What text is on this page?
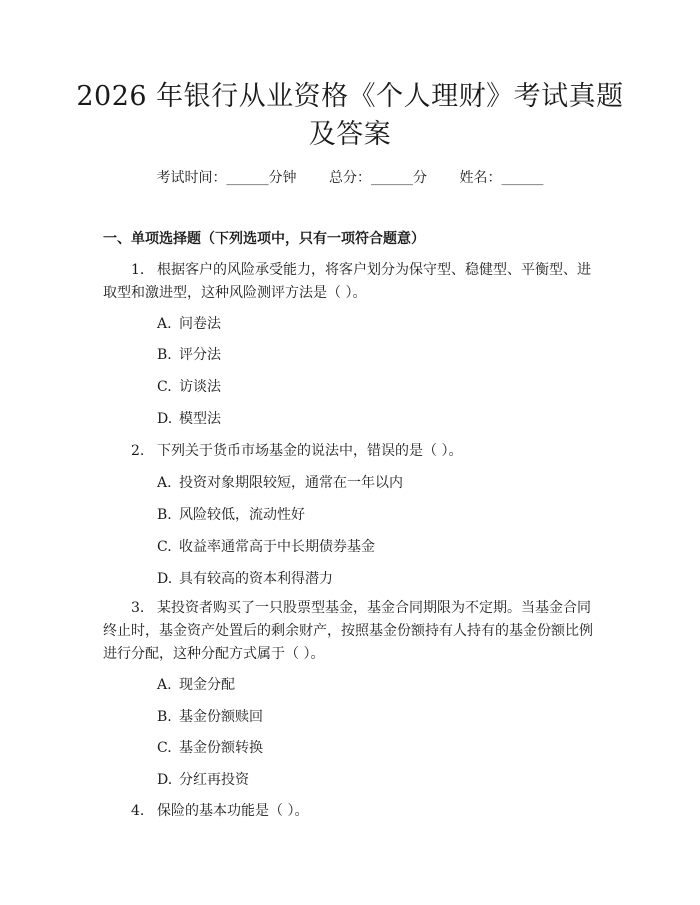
2026 年银行从业资格《个人理财》考试真题
及答案
考试时间：______分钟 总分：______分 姓名：______
一、单项选择题（下列选项中，只有一项符合题意）
1. 根据客户的风险承受能力，将客户划分为保守型、稳健型、平衡型、进取型和激进型，这种风险测评方法是（ ）。
A. 问卷法
B. 评分法
C. 访谈法
D. 模型法
2. 下列关于货币市场基金的说法中，错误的是（ ）。
A. 投资对象期限较短，通常在一年以内
B. 风险较低，流动性好
C. 收益率通常高于中长期债券基金
D. 具有较高的资本利得潜力
3. 某投资者购买了一只股票型基金，基金合同期限为不定期。当基金合同终止时，基金资产处置后的剩余财产，按照基金份额持有人持有的基金份额比例进行分配，这种分配方式属于（ ）。
A. 现金分配
B. 基金份额赎回
C. 基金份额转换
D. 分红再投资
4. 保险的基本功能是（ ）。
